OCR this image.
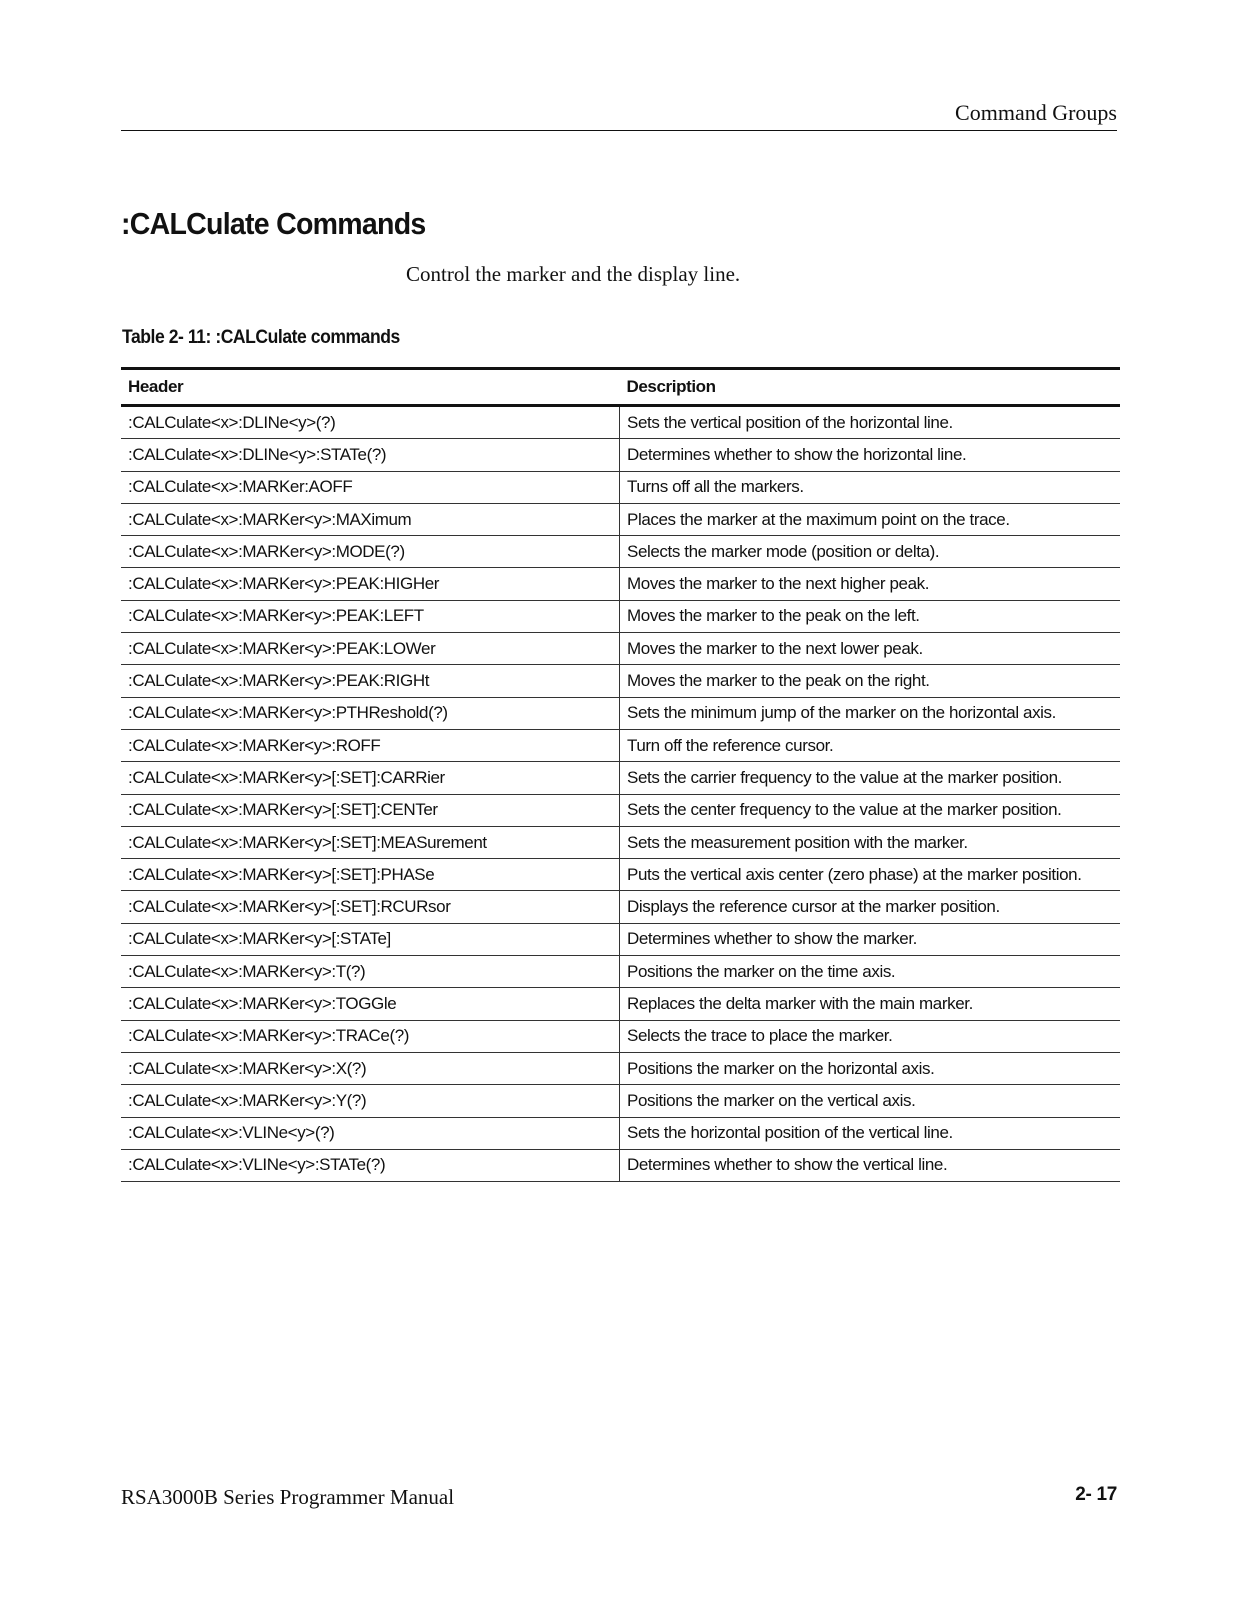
Command Groups
:CALCulate Commands

Control the marker and the display line.

Table 2- 11: :CALCulate commands
Header	Description
:CALCulate<x>:DLINe<y>(?)	Sets the vertical position of the horizontal line.
:CALCulate<x>:DLINe<y>:STATe(?)	Determines whether to show the horizontal line.
:CALCulate<x>:MARKer:AOFF	Turns off all the markers.
:CALCulate<x>:MARKer<y>:MAXimum	Places the marker at the maximum point on the trace.
:CALCulate<x>:MARKer<y>:MODE(?)	Selects the marker mode (position or delta).
:CALCulate<x>:MARKer<y>:PEAK:HIGHer	Moves the marker to the next higher peak.
:CALCulate<x>:MARKer<y>:PEAK:LEFT	Moves the marker to the peak on the left.
:CALCulate<x>:MARKer<y>:PEAK:LOWer	Moves the marker to the next lower peak.
:CALCulate<x>:MARKer<y>:PEAK:RIGHt	Moves the marker to the peak on the right.
:CALCulate<x>:MARKer<y>:PTHReshold(?)	Sets the minimum jump of the marker on the horizontal axis.
:CALCulate<x>:MARKer<y>:ROFF	Turn off the reference cursor.
:CALCulate<x>:MARKer<y>[:SET]:CARRier	Sets the carrier frequency to the value at the marker position.
:CALCulate<x>:MARKer<y>[:SET]:CENTer	Sets the center frequency to the value at the marker position.
:CALCulate<x>:MARKer<y>[:SET]:MEASurement	Sets the measurement position with the marker.
:CALCulate<x>:MARKer<y>[:SET]:PHASe	Puts the vertical axis center (zero phase) at the marker position.
:CALCulate<x>:MARKer<y>[:SET]:RCURsor	Displays the reference cursor at the marker position.
:CALCulate<x>:MARKer<y>[:STATe]	Determines whether to show the marker.
:CALCulate<x>:MARKer<y>:T(?)	Positions the marker on the time axis.
:CALCulate<x>:MARKer<y>:TOGGle	Replaces the delta marker with the main marker.
:CALCulate<x>:MARKer<y>:TRACe(?)	Selects the trace to place the marker.
:CALCulate<x>:MARKer<y>:X(?)	Positions the marker on the horizontal axis.
:CALCulate<x>:MARKer<y>:Y(?)	Positions the marker on the vertical axis.
:CALCulate<x>:VLINe<y>(?)	Sets the horizontal position of the vertical line.
:CALCulate<x>:VLINe<y>:STATe(?)	Determines whether to show the vertical line.
RSA3000B Series Programmer Manual	2- 17
